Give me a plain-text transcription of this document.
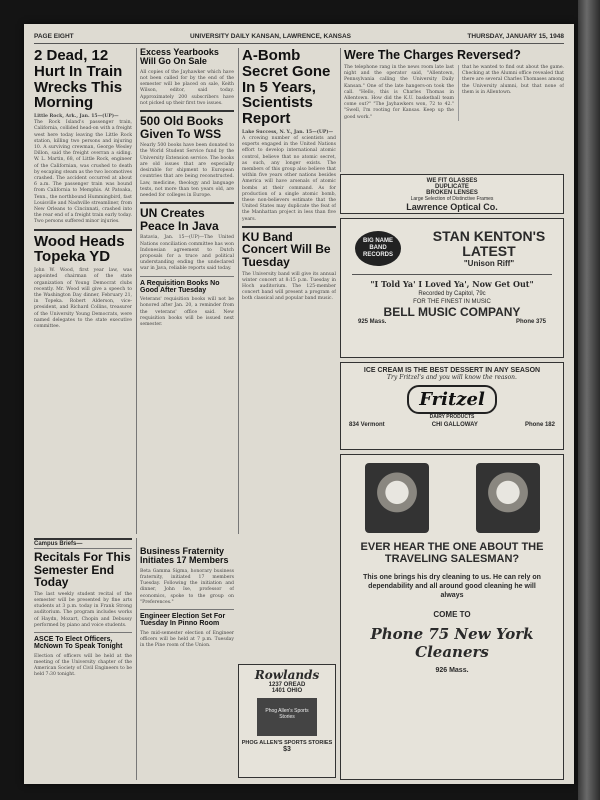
PAGE EIGHT	UNIVERSITY DAILY KANSAN, LAWRENCE, KANSAS	THURSDAY, JANUARY 15, 1948
2 Dead, 12 Hurt In Train Wrecks This Morning
Little Rock, Ark., Jan. 15—(UP)—
The Rock Island's passenger train, California, collided head-on with a freight west here today leaving the Little Rock station, killing two persons and injuring 10. A surviving crewman, George Wesley Dillon, said the freight overran a siding. W. L. Martin, 68, of Little Rock, engineer of the Californian, was crushed to death by escaping steam as the two locomotives crashed. The accident occurred at about 6 a.m. The passenger train was bound from California to Memphis. At Patoaka, Tenn., the northbound Hummingbird, fast Louisville and Nashville streamliner, from New Orleans to Cincinnati, crashed into the rear end of a freight train early today. Two persons suffered minor injuries.
Wood Heads Topeka YD
John W. Wood, first year law, was appointed chairman of the state organization of Young Democrat clubs recently. Mr. Wood will give a speech to the Washington Day dinner, February 21, in Topeka. Robert Alderson, vice-president, and Richard Collins, treasurer of the University Young Democrats, were named delegates to the state executive committee.
Excess Yearbooks Will Go On Sale
All copies of the Jayhawker which have not been called for by the end of the semester will be placed on sale, Keith Wilson, editor, said today. Approximately 200 subscribers have not picked up their first two issues.
500 Old Books Given To WSS
Nearly 500 books have been donated to the World Student Service fund by the University Extension service. The books are old issues that are especially desirable for shipment to European countries that are being reconstructed. Law, medicine, theology and language texts, not more than ten years old, are needed for colleges in Europe.
UN Creates Peace In Java
Batavia, Jan. 15—(UP)—The United Nations conciliation committee has won Indonesian agreement to Dutch proposals for a truce and political understanding ending the undeclared war in Java, reliable reports said today.
A Requisition Books No Good After Tuesday
Veterans' requisition books will not be honored after Jan. 20, a reminder from the veterans' office said. New requisition books will be issued next semester.
A-Bomb Secret Gone In 5 Years, Scientists Report
Lake Success, N. Y., Jan. 15—(UP)—
A crowing number of scientists and experts engaged in the United Nations effort to develop international atomic control, believe that no atomic secret, as such, any longer exists. The members of this group also believe that within five years other nations besides America will have arsenals of atomic bombs at their command. As for production of a single atomic bomb, these non-believers estimate that the United States may duplicate the feat of the Manhattan project in less than five years.
KU Band Concert Will Be Tuesday
The University band will give its annual winter concert at 8:15 p.m. Tuesday in Hoch auditorium. The 125-member concert band will present a program of both classical and popular band music.
Were The Charges Reversed?
The telephone rang in the news room late last night and the operator said, "Allentown, Pennsylvania calling the University Daily Kansan." One of the late hangers-on took the call. "Hello, this is Charles Thomas in Allentown. How did the K.U. basketball team come out?" "The Jayhawkers won, 72 to 42." "Swell, I'm rooting for Kansas. Keep up the good work."
that he wanted to find out about the game. Checking at the Alumni office revealed that there are several Charles Thomases among the University alumni, but that none of them is in Allentown.
WE FIT GLASSES
DUPLICATE
BROKEN LENSES
Large Selection of Distinctive Frames
Lawrence Optical Co.
BIG NAME BAND RECORDS
STAN KENTON'S LATEST
"Unison Riff"
"I Told Ya' I Loved Ya', Now Get Out"
Recorded by Capitol, 79c
FOR THE FINEST IN MUSIC
BELL MUSIC COMPANY
925 Mass.	Phone 375
ICE CREAM IS THE BEST DESSERT IN ANY SEASON
Try Fritzel's and you will know the reason.
Fritzel
DAIRY PRODUCTS
834 Vermont	CHI GALLOWAY	Phone 182
EVER HEAR THE ONE ABOUT THE TRAVELING SALESMAN?
This one brings his dry cleaning to us. He can rely on dependability and all around good cleaning he will always
COME TO
Phone 75 New York Cleaners
926 Mass.
Rowlands
1237 OREAD
1401 OHIO
Phog Allen's Sports Stories
PHOG ALLEN'S SPORTS STORIES
$3
Campus Briefs—
Recitals For This Semester End Today
The last weekly student recital of the semester will be presented by fine arts students at 3 p.m. today in Frank Strong auditorium. The program includes works of Haydn, Mozart, Chopin and Debussy performed by piano and voice students.
ASCE To Elect Officers, McNown To Speak Tonight
Election of officers will be held at the meeting of the University chapter of the American Society of Civil Engineers to be held 7:30 tonight.
Business Fraternity Initiates 17 Members
Beta Gamma Sigma, honorary business fraternity, initiated 17 members Tuesday. Following the initiation and dinner, John Ise, professor of economics, spoke to the group on "Preferences."
Engineer Election Set For Tuesday In Pinno Room
The mid-semester election of Engineer officers will be held at 7 p.m. Tuesday in the Pine room of the Union.
